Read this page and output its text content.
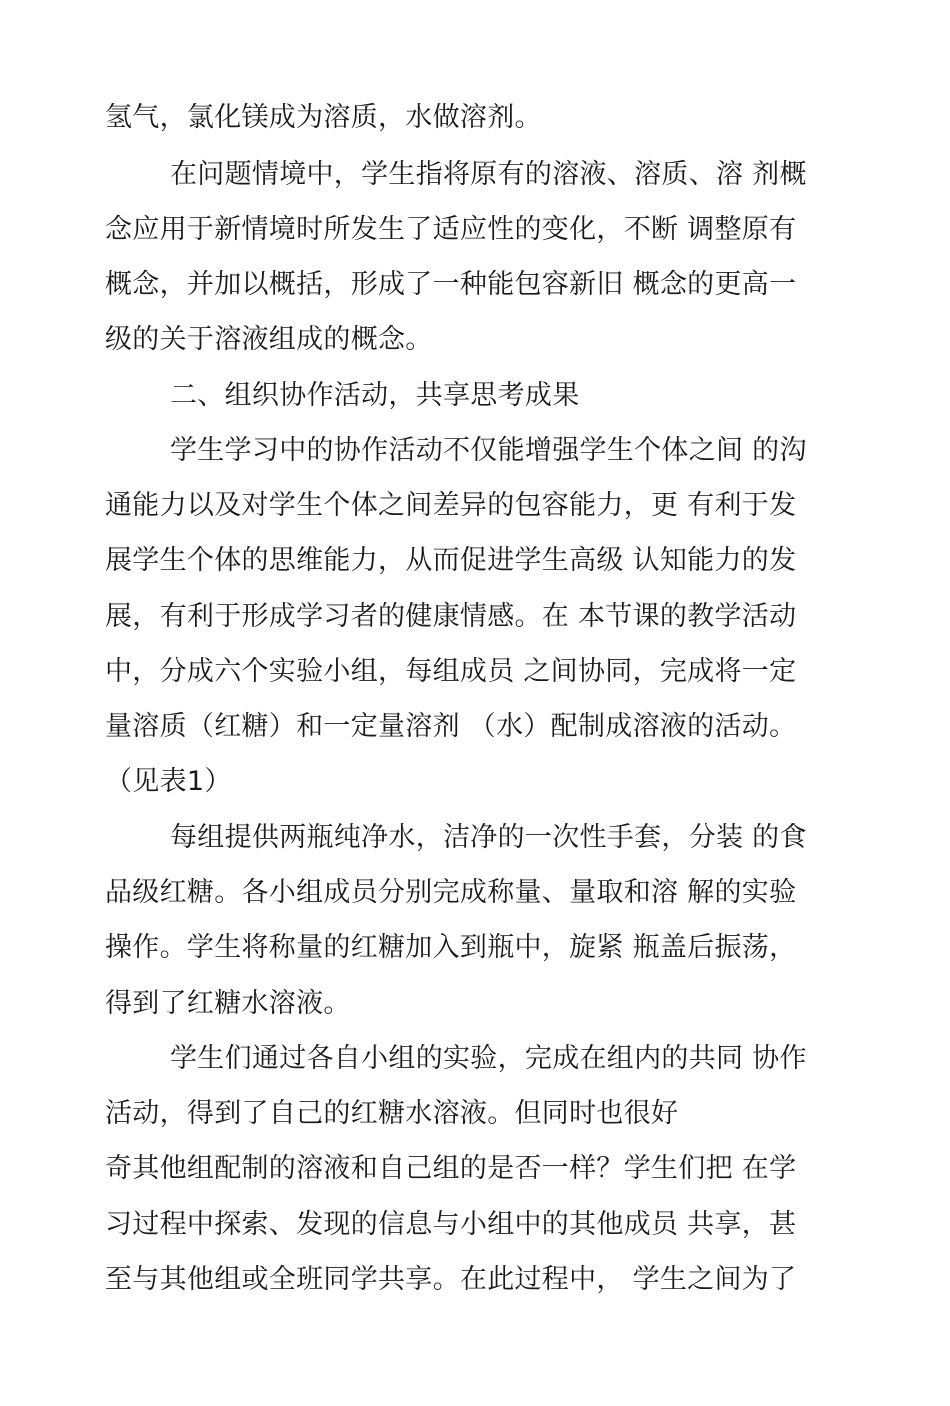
氢气，氯化镁成为溶质，水做溶剂。
在问题情境中，学生指将原有的溶液、溶质、溶 剂概
念应用于新情境时所发生了适应性的变化，不断 调整原有
概念，并加以概括，形成了一种能包容新旧 概念的更高一
级的关于溶液组成的概念。
二、组织协作活动，共享思考成果
学生学习中的协作活动不仅能增强学生个体之间 的沟
通能力以及对学生个体之间差异的包容能力，更 有利于发
展学生个体的思维能力，从而促进学生高级 认知能力的发
展，有利于形成学习者的健康情感。在 本节课的教学活动
中，分成六个实验小组，每组成员 之间协同，完成将一定
量溶质（红糖）和一定量溶剂 （水）配制成溶液的活动。
（见表1）
每组提供两瓶纯净水，洁净的一次性手套，分装 的食
品级红糖。各小组成员分别完成称量、量取和溶 解的实验
操作。学生将称量的红糖加入到瓶中，旋紧 瓶盖后振荡，
得到了红糖水溶液。
学生们通过各自小组的实验，完成在组内的共同 协作
活动，得到了自己的红糖水溶液。但同时也很好
奇其他组配制的溶液和自己组的是否一样？学生们把 在学
习过程中探索、发现的信息与小组中的其他成员 共享，甚
至与其他组或全班同学共享。在此过程中， 学生之间为了
